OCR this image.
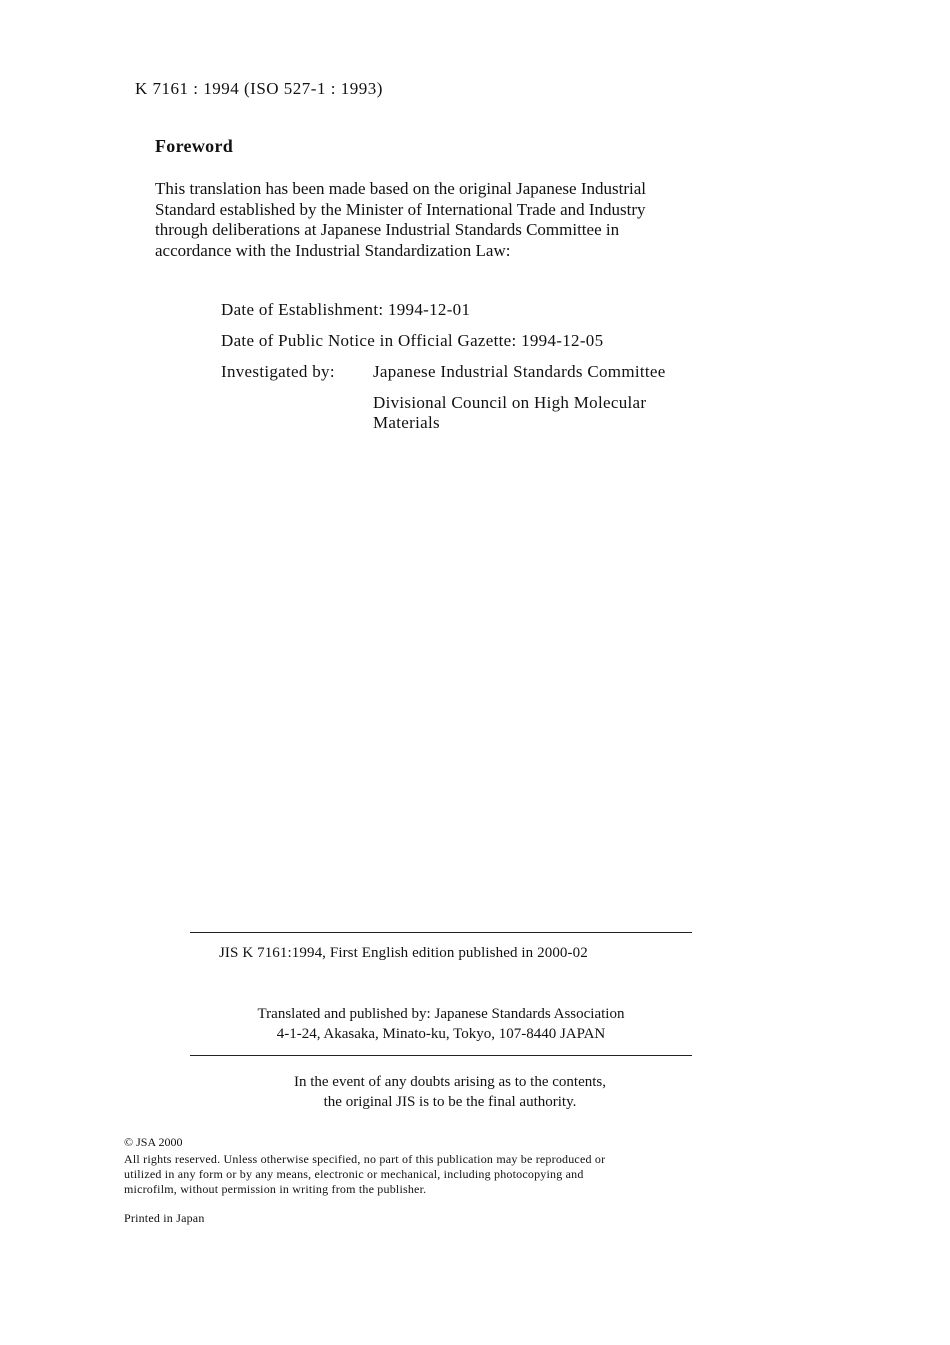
K 7161 : 1994 (ISO 527-1 : 1993)
Foreword
This translation has been made based on the original Japanese Industrial
Standard established by the Minister of International Trade and Industry
through deliberations at Japanese Industrial Standards Committee in
accordance with the Industrial Standardization Law:
Date of Establishment: 1994-12-01
Date of Public Notice in Official Gazette: 1994-12-05
Investigated by: Japanese Industrial Standards Committee
Divisional Council on High Molecular
Materials
JIS K 7161:1994, First English edition published in 2000-02
Translated and published by: Japanese Standards Association
4-1-24, Akasaka, Minato-ku, Tokyo, 107-8440 JAPAN
In the event of any doubts arising as to the contents,
the original JIS is to be the final authority.
© JSA 2000
All rights reserved. Unless otherwise specified, no part of this publication may be reproduced or
utilized in any form or by any means, electronic or mechanical, including photocopying and
microfilm, without permission in writing from the publisher.
Printed in Japan
